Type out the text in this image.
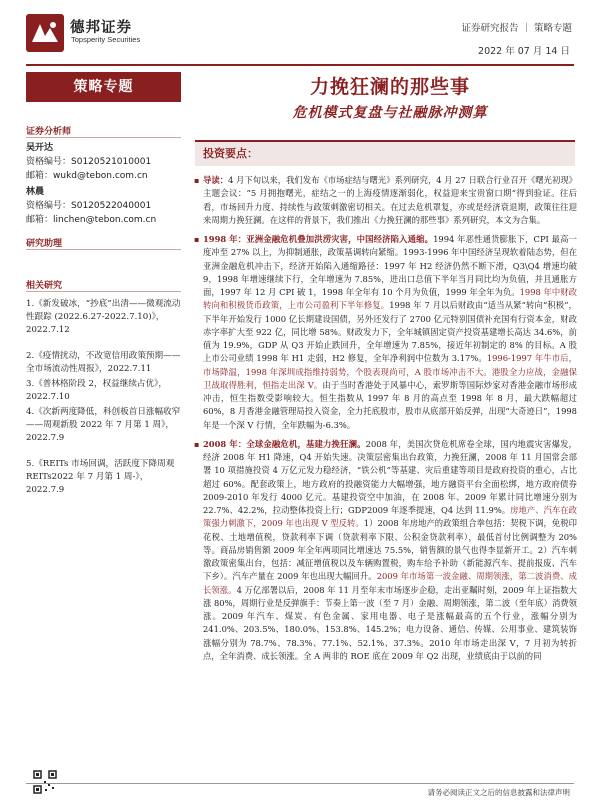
德邦证券
Topsperity Securities
证券研究报告 ｜ 策略专题
2022 年 07 月 14 日
策略专题
证券分析师
吴开达
资格编号：S0120521010001
邮箱：wukd@tebon.com.cn
林晨
资格编号：S0120522040001
邮箱：linchen@tebon.com.cn
研究助理
相关研究
1.《新发破冰，“抄底”出清——微观流动性跟踪 (2022.6.27-2022.7.10)》，2022.7.12
2.《疫情扰动，不改宽信用政策预期——全市场流动性周报》，2022.7.11
3.《普林格阶段 2，权益继续占优》，2022.7.10
4.《次新两度降低，科创板首日涨幅收窄——周观新股 2022 年 7 月第 1 周》，2022.7.9
5.《REITs 市场回调，活跃度下降周观 REITs2022 年 7 月第 1 周-》，2022.7.9
力挽狂澜的那些事
危机模式复盘与社融脉冲测算
投资要点：

▪ 导读：4 月下旬以来，我们发布《市场症结与曙光》系列研究，4 月 27 日联合行业召开《曙光初现》主题会议：“5 月拥抱曙光，症结之一的上海疫情逐渐弱化，权益迎来宝贵窗口期”得到验证。往后看，市场回升力度、持续性与政策刺激密切相关。在过去危机罩复，亦或是经济衰退期，政策往往迎来周期力挽狂澜。在这样的背景下，我们推出《力挽狂澜的那些事》系列研究，本文为合集。

▪ 1998 年：亚洲金融危机叠加洪涝灾害，中国经济陷入通缩。1994 年恶性通货膨胀下，CPI 最高一度冲至 27% 以上，为抑制通胀，政策基调转向紧缩。1993-1996 年中国经济呈现软着陆态势，但在亚洲金融危机冲击下，经济开始陷入通缩路径：1997 年 H2 经济仍然不断下滑，Q3\Q4 增速均破 9，1998 年增速继续下行，全年增速为 7.85%，进出口总值下半年当月同比均为负值，并且通胀方面，1997 年 12 月 CPI 破 1，1998 年全年有 10 个月为负值，1999 年全年为负。1998 年中财政转向和积极货币政策，上市公司盈利下半年修复。1998 年 7 月以后财政由“适当从紧”转向“积极”，下半年开始发行 1000 亿长期建设国债，另外还发行了 2700 亿元特别国债补充国有行资本金，财政赤字率扩大至 922 亿，同比增 58%。财政发力下，全年城镇固定资产投资基建增长高达 34.6%，前值为 19.9%，GDP 从 Q3 开始止跌回升，全年增速为 7.85%，接近年初制定的 8% 的目标。A 股上市公司业绩 1998 年 H1 走弱，H2 修复，全年净利润中位数为 3.17%。1996-1997 年牛市后，市场降温，1998 年深圳成指维持弱势，个股表现尚可，A 股市场冲击不大。港股全力应战，金融保卫战取得胜利，恒指走出深 V。由于当时香港处于风暴中心，索罗斯等国际炒家对香港金融市场形成冲击，恒生指数受影响较大。恒生指数从 1997 年 8 月的高点至 1998 年 8 月，最大跌幅超过 60%，8 月香港金融管理局投入资金，全力托底股市，股市从底部开始反弹，出现“大奇迹日”，1998 年是一个深 V 行情，全年跌幅为-6.3%。

▪ 2008 年：全球金融危机，基建力挽狂澜。2008 年，美国次贷危机席卷全球，国内地震灾害爆发，经济 2008 年 H1 降速，Q4 开始失速。决策层密集出台政策，力挽狂澜，2008 年 11 月国常会部署 10 项措施投资 4 万亿元发力稳经济，“铁公机”等基建、灾后重建等项目是政府投资的重心，占比超过 60%。配套政策上，地方政府的投融资能力大幅增强，地方融资平台全面松绑，地方政府债券 2009-2010 年发行 4000 亿元。基建投资空中加油，在 2008 年、2009 年累计同比增速分别为 22.7%、42.2%，拉动整体投资上行；GDP2009 年逐季提速，Q4 达到 11.9%。房地产、汽车在政策强力刺激下，2009 年也出现 V 型反转。1）2008 年房地产的政策组合拳包括：契税下调，免税印花税、土地增值税，贷款利率下调（贷款利率下限、公积金贷款利率），最低首付比例调整为 20% 等。商品房销售额 2009 年全年两项同比增速达 75.5%，销售额的景气也得李显新开工。2）汽车刺激政策密集出台，包括：减征增值税以及车辆购置税，购车给予补助（新能源汽车、提前报废、汽车下乡）。汽车产量在 2009 年也出现大幅回升。2009 年市场第一波金融、周期领涨，第二波消费、成长领涨。4 万亿部署以后，2008 年 11 月至年末市场逐步企稳，走出亚瞩时刻，2009 年上证指数大涨 80%，周期行业是反弹旗手：节奏上第一波（至 7 月）金融、周期领涨，第二波（至年底）消费领涨。2009 年汽车、煤炭、有色金属、家用电器、电子是涨幅最高的五个行业，涨幅分别为 241.0%、203.5%、180.0%、153.8%、145.2%；电力设备、通信、传媒、公用事业、建筑装饰涨幅分别为 78.7%、78.3%、77.1%、52.1%、37.3%。2010 年市场走出深 V，7 月初为转折点，全年消费、成长领涨。全 A 两非的 ROE 底在 2009 年 Q2 出现，业绩底由于以前的同

请务必阅读正文之后的信息披露和法律声明
